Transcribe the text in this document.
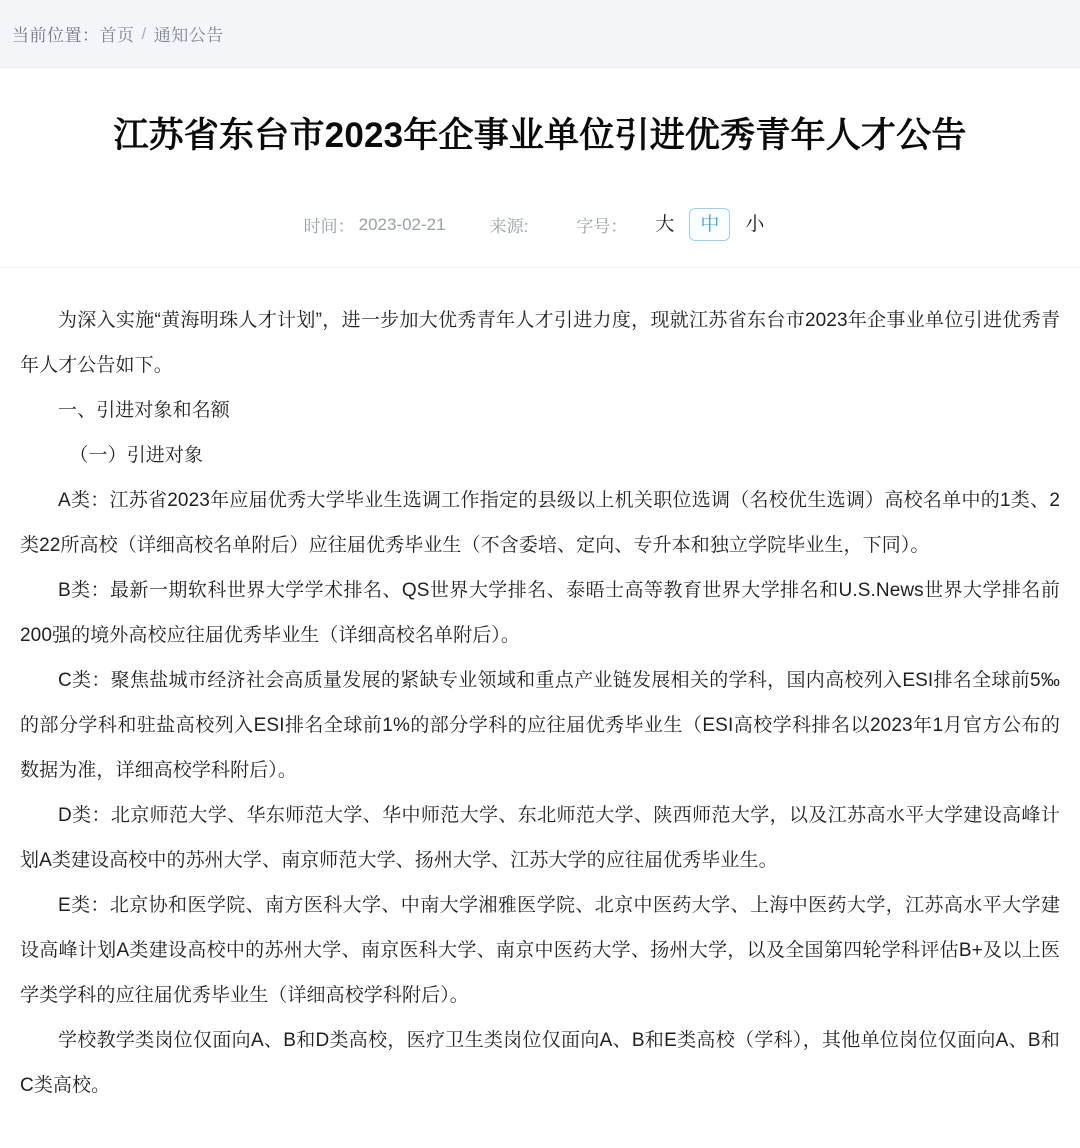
当前位置： 首页 / 通知公告
江苏省东台市2023年企事业单位引进优秀青年人才公告
时间： 2023-02-21	来源:	字号：	大	中	小

为深入实施“黄海明珠人才计划”，进一步加大优秀青年人才引进力度，现就江苏省东台市2023年企事业单位引进优秀青年人才公告如下。

一、引进对象和名额

（一）引进对象

A类：江苏省2023年应届优秀大学毕业生选调工作指定的县级以上机关职位选调（名校优生选调）高校名单中的1类、2类22所高校（详细高校名单附后）应往届优秀毕业生（不含委培、定向、专升本和独立学院毕业生，下同）。

B类：最新一期软科世界大学学术排名、QS世界大学排名、泰晤士高等教育世界大学排名和U.S.News世界大学排名前200强的境外高校应往届优秀毕业生（详细高校名单附后）。

C类：聚焦盐城市经济社会高质量发展的紧缺专业领域和重点产业链发展相关的学科，国内高校列入ESI排名全球前5‰的部分学科和驻盐高校列入ESI排名全球前1%的部分学科的应往届优秀毕业生（ESI高校学科排名以2023年1月官方公布的数据为准，详细高校学科附后）。

D类：北京师范大学、华东师范大学、华中师范大学、东北师范大学、陕西师范大学，以及江苏高水平大学建设高峰计划A类建设高校中的苏州大学、南京师范大学、扬州大学、江苏大学的应往届优秀毕业生。

E类：北京协和医学院、南方医科大学、中南大学湘雅医学院、北京中医药大学、上海中医药大学，江苏高水平大学建设高峰计划A类建设高校中的苏州大学、南京医科大学、南京中医药大学、扬州大学，以及全国第四轮学科评估B+及以上医学类学科的应往届优秀毕业生（详细高校学科附后）。

学校教学类岗位仅面向A、B和D类高校，医疗卫生类岗位仅面向A、B和E类高校（学科），其他单位岗位仅面向A、B和C类高校。
